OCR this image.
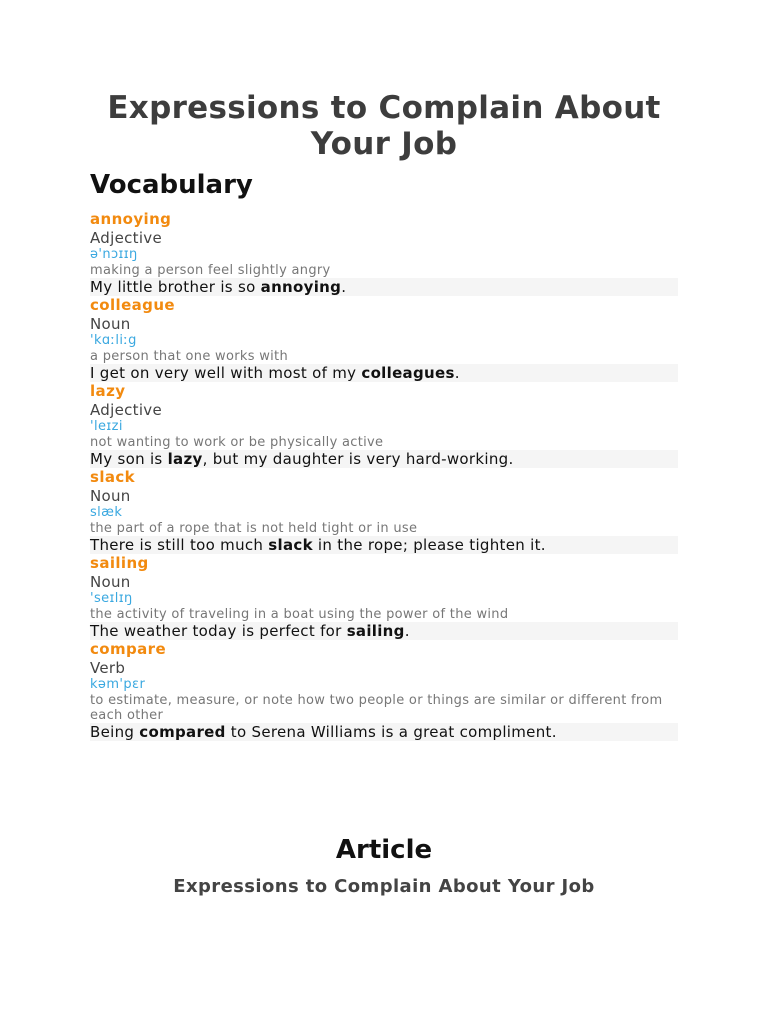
Expressions to Complain About Your Job
Vocabulary
annoying
Adjective
ə'nɔɪɪŋ
making a person feel slightly angry
My little brother is so annoying.
colleague
Noun
'kɑːliːg
a person that one works with
I get on very well with most of my colleagues.
lazy
Adjective
'leɪzi
not wanting to work or be physically active
My son is lazy, but my daughter is very hard-working.
slack
Noun
slæk
the part of a rope that is not held tight or in use
There is still too much slack in the rope; please tighten it.
sailing
Noun
'seɪlɪŋ
the activity of traveling in a boat using the power of the wind
The weather today is perfect for sailing.
compare
Verb
kəm'pɛr
to estimate, measure, or note how two people or things are similar or different from each other
Being compared to Serena Williams is a great compliment.
Article
Expressions to Complain About Your Job
